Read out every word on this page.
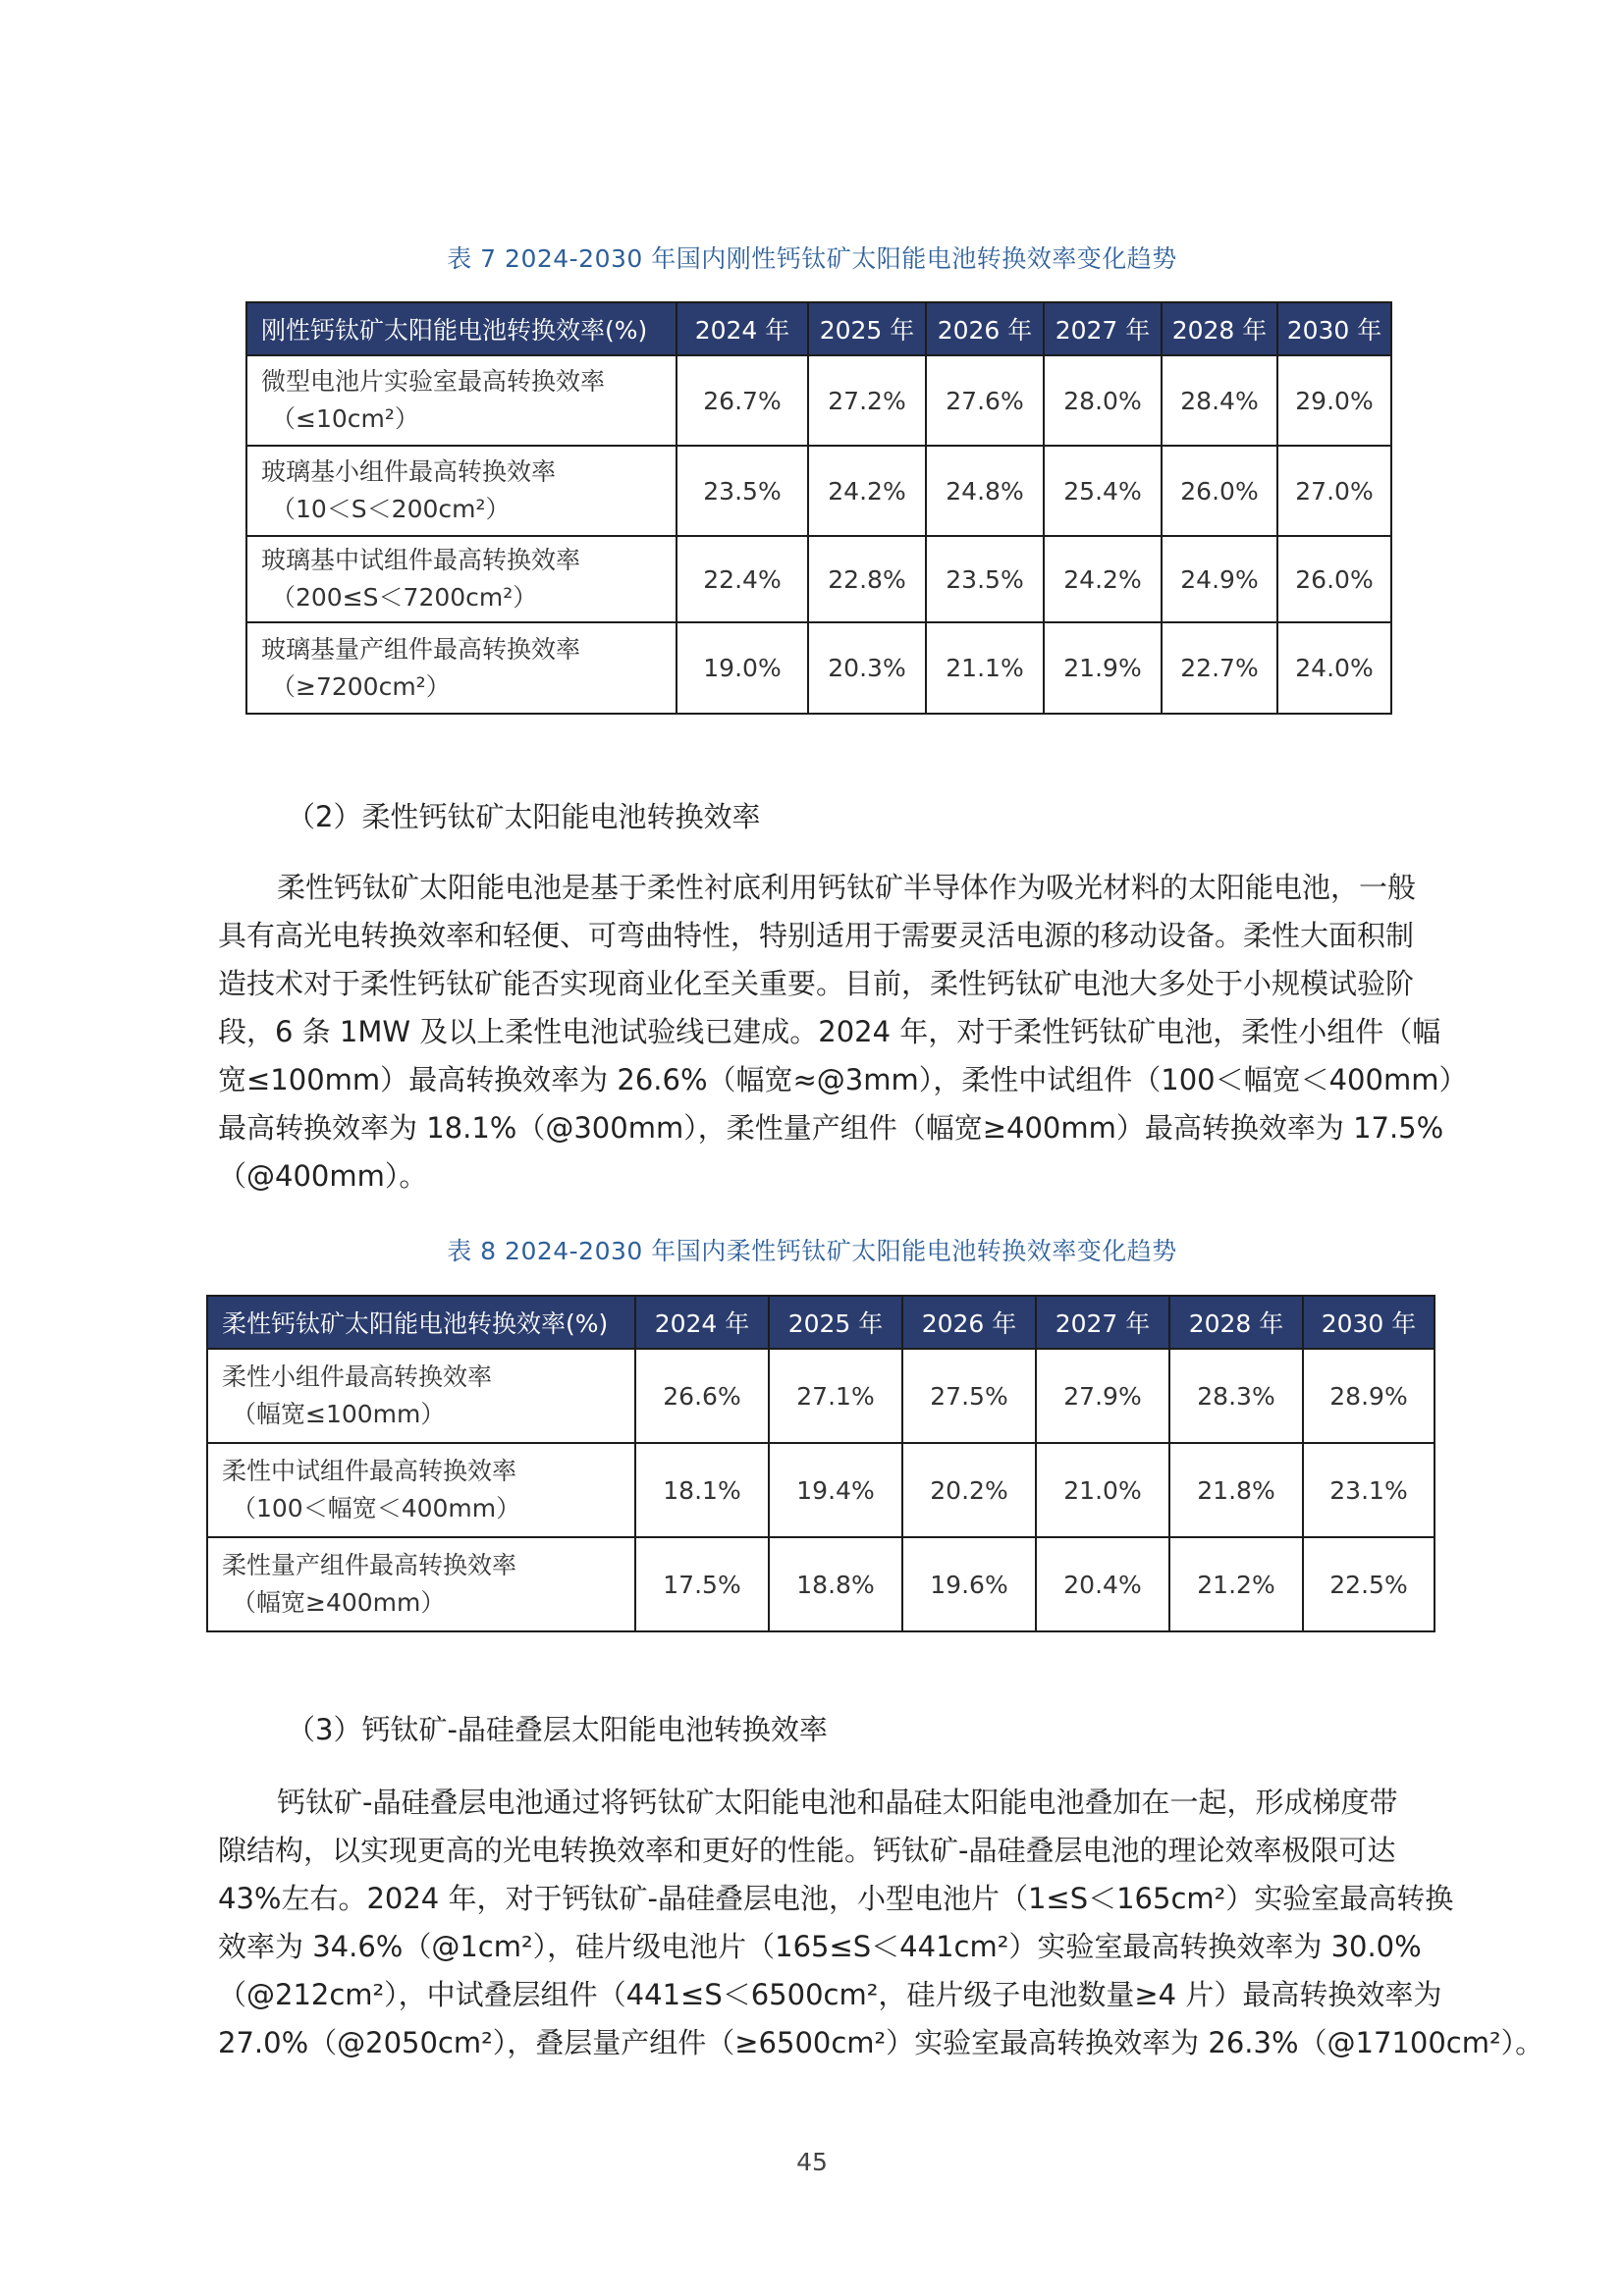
表 7 2024-2030 年国内刚性钙钛矿太阳能电池转换效率变化趋势
刚性钙钛矿太阳能电池转换效率(%)	2024 年	2025 年	2026 年	2027 年	2028 年	2030 年
微型电池片实验室最高转换效率
（≤10cm²）	26.7%	27.2%	27.6%	28.0%	28.4%	29.0%
玻璃基小组件最高转换效率
（10＜S＜200cm²）	23.5%	24.2%	24.8%	25.4%	26.0%	27.0%
玻璃基中试组件最高转换效率
（200≤S＜7200cm²）	22.4%	22.8%	23.5%	24.2%	24.9%	26.0%
玻璃基量产组件最高转换效率
（≥7200cm²）	19.0%	20.3%	21.1%	21.9%	22.7%	24.0%
（2）柔性钙钛矿太阳能电池转换效率
柔性钙钛矿太阳能电池是基于柔性衬底利用钙钛矿半导体作为吸光材料的太阳能电池，一般
具有高光电转换效率和轻便、可弯曲特性，特别适用于需要灵活电源的移动设备。柔性大面积制
造技术对于柔性钙钛矿能否实现商业化至关重要。目前，柔性钙钛矿电池大多处于小规模试验阶
段，6 条 1MW 及以上柔性电池试验线已建成。2024 年，对于柔性钙钛矿电池，柔性小组件（幅
宽≤100mm）最高转换效率为 26.6%（幅宽≈@3mm），柔性中试组件（100＜幅宽＜400mm）
最高转换效率为 18.1%（@300mm），柔性量产组件（幅宽≥400mm）最高转换效率为 17.5%
（@400mm）。
表 8 2024-2030 年国内柔性钙钛矿太阳能电池转换效率变化趋势
柔性钙钛矿太阳能电池转换效率(%)	2024 年	2025 年	2026 年	2027 年	2028 年	2030 年
柔性小组件最高转换效率
（幅宽≤100mm）	26.6%	27.1%	27.5%	27.9%	28.3%	28.9%
柔性中试组件最高转换效率
（100＜幅宽＜400mm）	18.1%	19.4%	20.2%	21.0%	21.8%	23.1%
柔性量产组件最高转换效率
（幅宽≥400mm）	17.5%	18.8%	19.6%	20.4%	21.2%	22.5%
（3）钙钛矿-晶硅叠层太阳能电池转换效率
钙钛矿-晶硅叠层电池通过将钙钛矿太阳能电池和晶硅太阳能电池叠加在一起，形成梯度带
隙结构，以实现更高的光电转换效率和更好的性能。钙钛矿-晶硅叠层电池的理论效率极限可达
43%左右。2024 年，对于钙钛矿-晶硅叠层电池，小型电池片（1≤S＜165cm²）实验室最高转换
效率为 34.6%（@1cm²），硅片级电池片（165≤S＜441cm²）实验室最高转换效率为 30.0%
（@212cm²），中试叠层组件（441≤S＜6500cm²，硅片级子电池数量≥4 片）最高转换效率为
27.0%（@2050cm²），叠层量产组件（≥6500cm²）实验室最高转换效率为 26.3%（@17100cm²）。
45
